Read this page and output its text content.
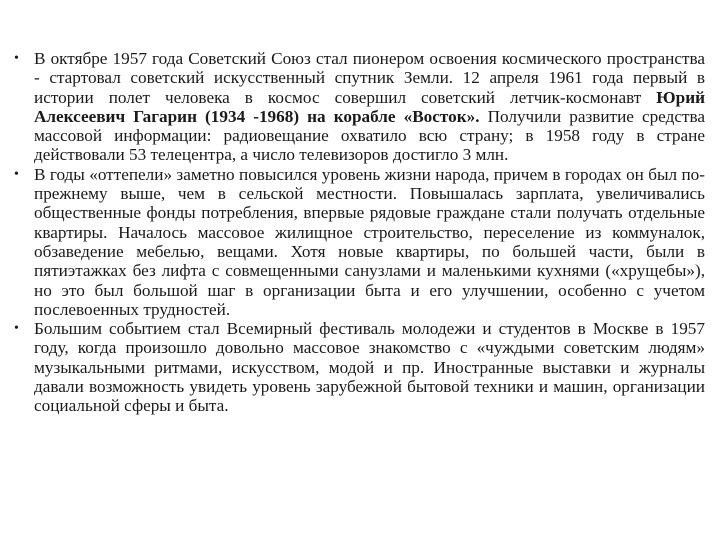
• В октябре 1957 года Советский Союз стал пионером освоения космического пространства - стартовал советский искусственный спутник Земли. 12 апреля 1961 года первый в истории полет человека в космос совершил советский летчик-космонавт Юрий Алексеевич Гагарин (1934 -1968) на корабле «Восток». Получили развитие средства массовой информации: радиовещание охватило всю страну; в 1958 году в стране действовали 53 телецентра, а число телевизоров достигло 3 млн.
• В годы «оттепели» заметно повысился уровень жизни народа, причем в городах он был по-прежнему выше, чем в сельской местности. Повышалась зарплата, увеличивались общественные фонды потребления, впервые рядовые граждане стали получать отдельные квартиры. Началось массовое жилищное строительство, переселение из коммуналок, обзаведение мебелью, вещами. Хотя новые квартиры, по большей части, были в пятиэтажках без лифта с совмещенными санузлами и маленькими кухнями («хрущебы»), но это был большой шаг в организации быта и его улучшении, особенно с учетом послевоенных трудностей.
• Большим событием стал Всемирный фестиваль молодежи и студентов в Москве в 1957 году, когда произошло довольно массовое знакомство с «чуждыми советским людям» музыкальными ритмами, искусством, модой и пр. Иностранные выставки и журналы давали возможность увидеть уровень зарубежной бытовой техники и машин, организации социальной сферы и быта.
